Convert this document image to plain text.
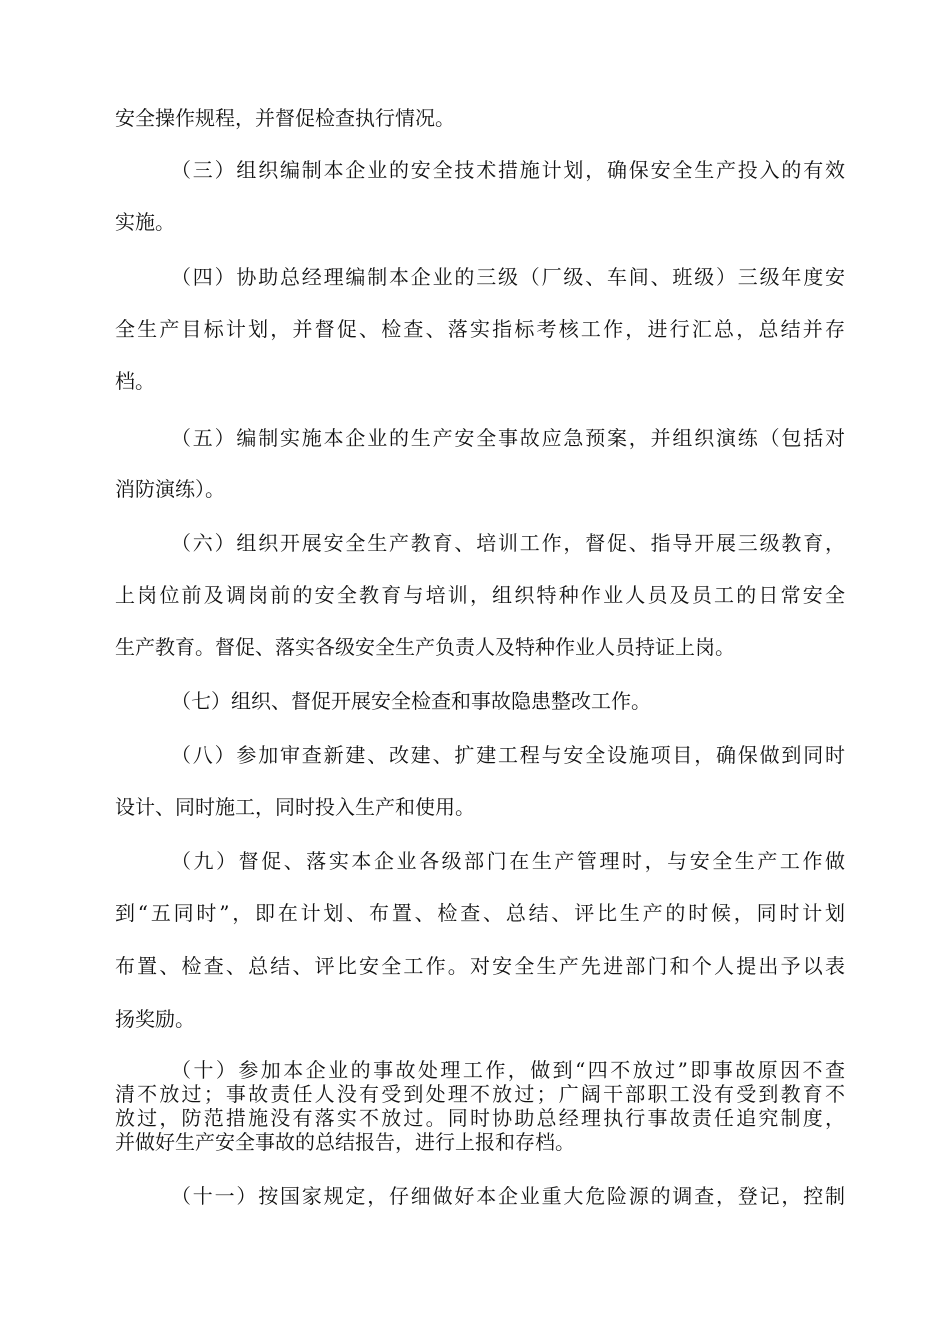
安全操作规程，并督促检查执行情况。
（三）组织编制本企业的安全技术措施计划，确保安全生产投入的有效
实施。
（四）协助总经理编制本企业的三级（厂级、车间、班级）三级年度安
全生产目标计划，并督促、检查、落实指标考核工作，进行汇总，总结并存
档。
（五）编制实施本企业的生产安全事故应急预案，并组织演练（包括对
消防演练）。
（六）组织开展安全生产教育、培训工作，督促、指导开展三级教育，
上岗位前及调岗前的安全教育与培训，组织特种作业人员及员工的日常安全
生产教育。督促、落实各级安全生产负责人及特种作业人员持证上岗。
（七）组织、督促开展安全检查和事故隐患整改工作。
（八）参加审查新建、改建、扩建工程与安全设施项目，确保做到同时
设计、同时施工，同时投入生产和使用。
（九）督促、落实本企业各级部门在生产管理时，与安全生产工作做
到“五同时”，即在计划、布置、检查、总结、评比生产的时候，同时计划
布置、检查、总结、评比安全工作。对安全生产先进部门和个人提出予以表
扬奖励。
（十）参加本企业的事故处理工作，做到“四不放过”即事故原因不查
清不放过；事故责任人没有受到处理不放过；广阔干部职工没有受到教育不
放过，防范措施没有落实不放过。同时协助总经理执行事故责任追究制度，
并做好生产安全事故的总结报告，进行上报和存档。
（十一）按国家规定，仔细做好本企业重大危险源的调查，登记，控制
